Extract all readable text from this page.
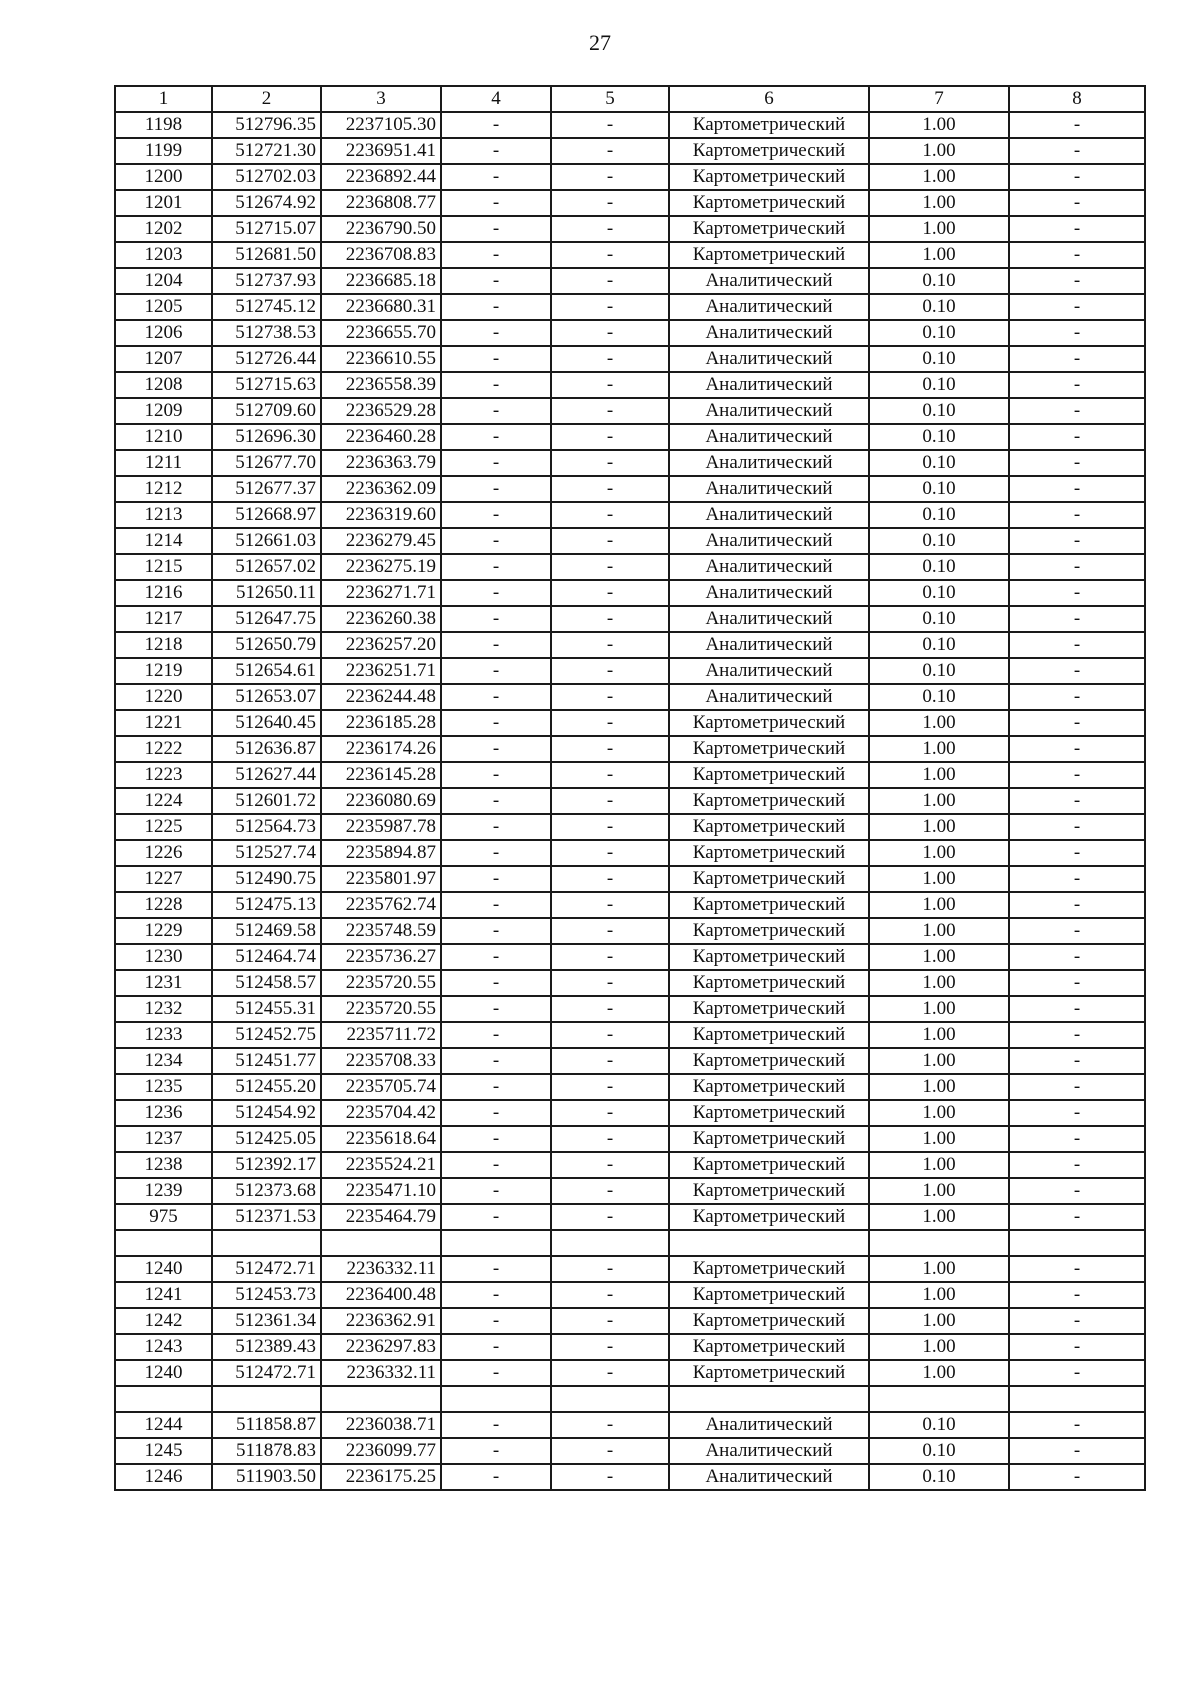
27
1	2	3	4	5	6	7	8
1198	512796.35	2237105.30	-	-	Картометрический	1.00	-
1199	512721.30	2236951.41	-	-	Картометрический	1.00	-
1200	512702.03	2236892.44	-	-	Картометрический	1.00	-
1201	512674.92	2236808.77	-	-	Картометрический	1.00	-
1202	512715.07	2236790.50	-	-	Картометрический	1.00	-
1203	512681.50	2236708.83	-	-	Картометрический	1.00	-
1204	512737.93	2236685.18	-	-	Аналитический	0.10	-
1205	512745.12	2236680.31	-	-	Аналитический	0.10	-
1206	512738.53	2236655.70	-	-	Аналитический	0.10	-
1207	512726.44	2236610.55	-	-	Аналитический	0.10	-
1208	512715.63	2236558.39	-	-	Аналитический	0.10	-
1209	512709.60	2236529.28	-	-	Аналитический	0.10	-
1210	512696.30	2236460.28	-	-	Аналитический	0.10	-
1211	512677.70	2236363.79	-	-	Аналитический	0.10	-
1212	512677.37	2236362.09	-	-	Аналитический	0.10	-
1213	512668.97	2236319.60	-	-	Аналитический	0.10	-
1214	512661.03	2236279.45	-	-	Аналитический	0.10	-
1215	512657.02	2236275.19	-	-	Аналитический	0.10	-
1216	512650.11	2236271.71	-	-	Аналитический	0.10	-
1217	512647.75	2236260.38	-	-	Аналитический	0.10	-
1218	512650.79	2236257.20	-	-	Аналитический	0.10	-
1219	512654.61	2236251.71	-	-	Аналитический	0.10	-
1220	512653.07	2236244.48	-	-	Аналитический	0.10	-
1221	512640.45	2236185.28	-	-	Картометрический	1.00	-
1222	512636.87	2236174.26	-	-	Картометрический	1.00	-
1223	512627.44	2236145.28	-	-	Картометрический	1.00	-
1224	512601.72	2236080.69	-	-	Картометрический	1.00	-
1225	512564.73	2235987.78	-	-	Картометрический	1.00	-
1226	512527.74	2235894.87	-	-	Картометрический	1.00	-
1227	512490.75	2235801.97	-	-	Картометрический	1.00	-
1228	512475.13	2235762.74	-	-	Картометрический	1.00	-
1229	512469.58	2235748.59	-	-	Картометрический	1.00	-
1230	512464.74	2235736.27	-	-	Картометрический	1.00	-
1231	512458.57	2235720.55	-	-	Картометрический	1.00	-
1232	512455.31	2235720.55	-	-	Картометрический	1.00	-
1233	512452.75	2235711.72	-	-	Картометрический	1.00	-
1234	512451.77	2235708.33	-	-	Картометрический	1.00	-
1235	512455.20	2235705.74	-	-	Картометрический	1.00	-
1236	512454.92	2235704.42	-	-	Картометрический	1.00	-
1237	512425.05	2235618.64	-	-	Картометрический	1.00	-
1238	512392.17	2235524.21	-	-	Картометрический	1.00	-
1239	512373.68	2235471.10	-	-	Картометрический	1.00	-
975	512371.53	2235464.79	-	-	Картометрический	1.00	-

1240	512472.71	2236332.11	-	-	Картометрический	1.00	-
1241	512453.73	2236400.48	-	-	Картометрический	1.00	-
1242	512361.34	2236362.91	-	-	Картометрический	1.00	-
1243	512389.43	2236297.83	-	-	Картометрический	1.00	-
1240	512472.71	2236332.11	-	-	Картометрический	1.00	-

1244	511858.87	2236038.71	-	-	Аналитический	0.10	-
1245	511878.83	2236099.77	-	-	Аналитический	0.10	-
1246	511903.50	2236175.25	-	-	Аналитический	0.10	-
